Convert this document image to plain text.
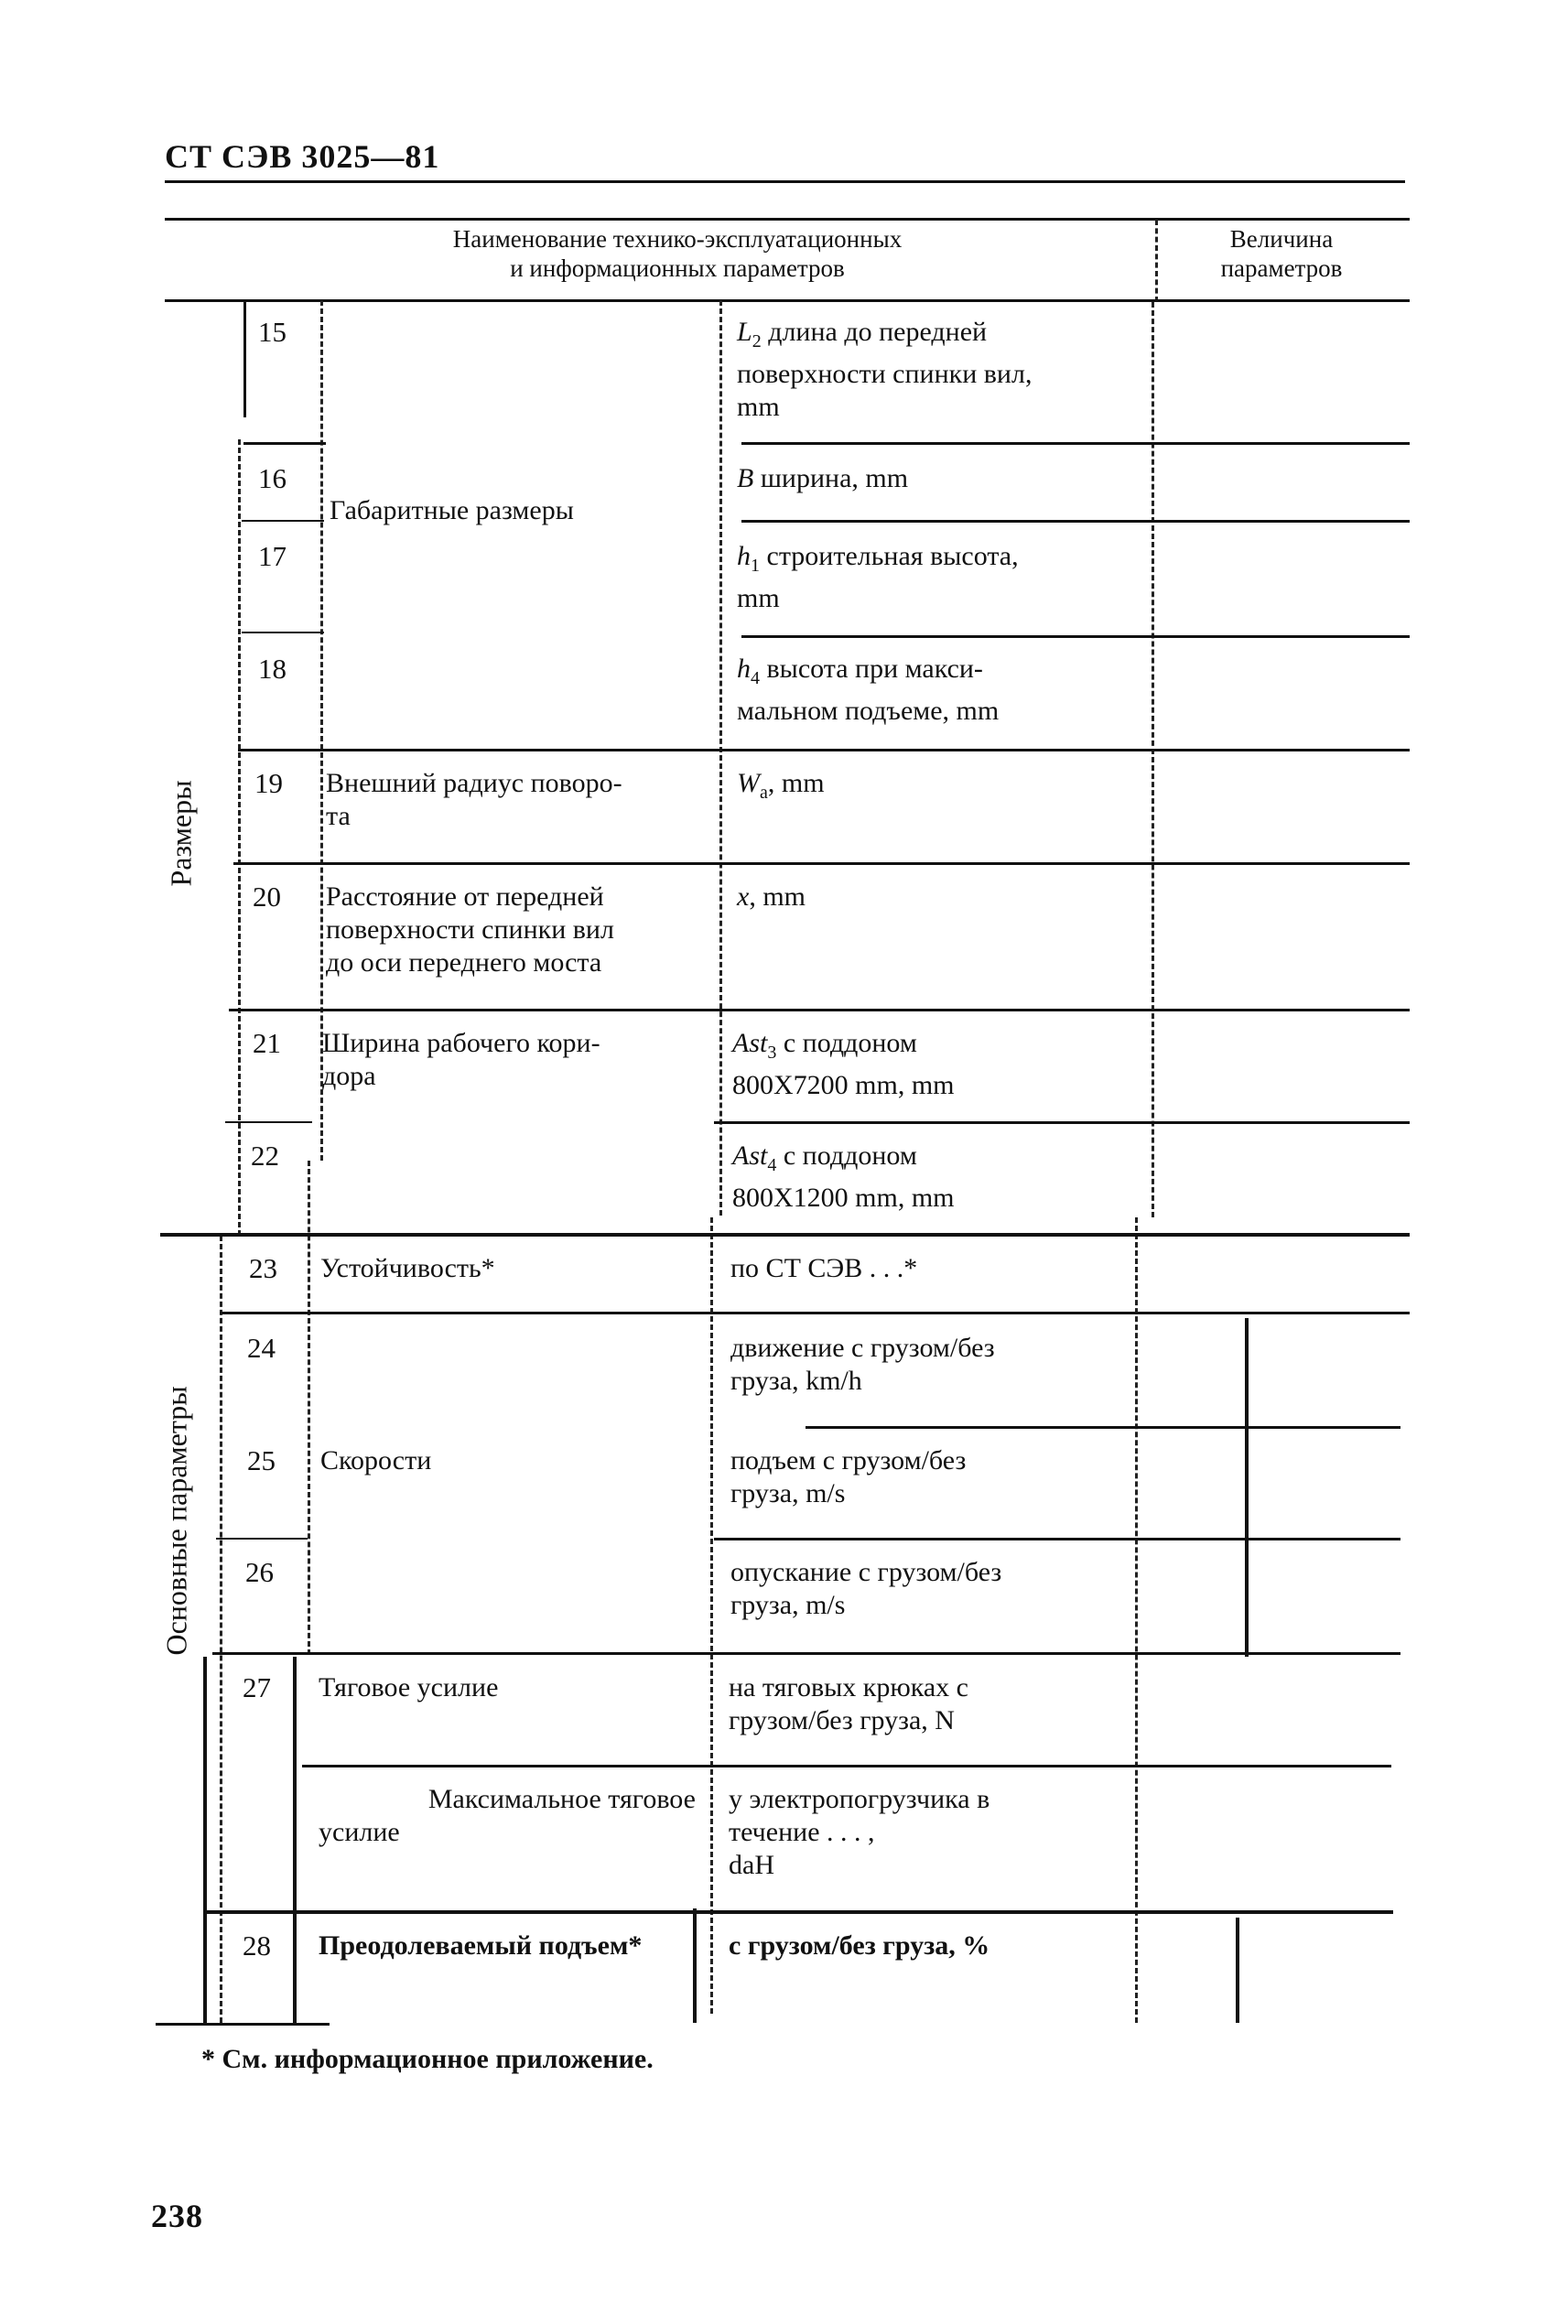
СТ СЭВ 3025—81
Наименование технико-эксплуатационных
и информационных параметров
Величина
параметров
Размеры
Основные параметры
15
16
17
18
19
20
21
22
23
24
25
26
27
28
Габаритные размеры
Внешний радиус поворо-
та
Расстояние от передней
поверхности спинки вил
до оси переднего моста
Ширина рабочего кори-
дора
Устойчивость*
Скорости
Тяговое усилие
Максимальное тяговое
усилие
Преодолеваемый подъем*
$L_2$ длина до передней
поверхности спинки вил,
mm
B ширина, mm
$h_1$ строительная высота,
mm
$h_4$ высота при макси-
мальном подъеме, mm
$W_a$, mm
x, mm
Ast$_3$ с поддоном
800X7200 mm, mm
Ast$_4$ с поддоном
800X1200 mm, mm
по СТ СЭВ . . .*
движение с грузом/без
груза, km/h
подъем с грузом/без
груза, m/s
опускание с грузом/без
груза, m/s
на тяговых крюках с
грузом/без груза, N
у электропогрузчика в
течение . . . ,
daH
с грузом/без груза, %
* См. информационное приложение.
238
